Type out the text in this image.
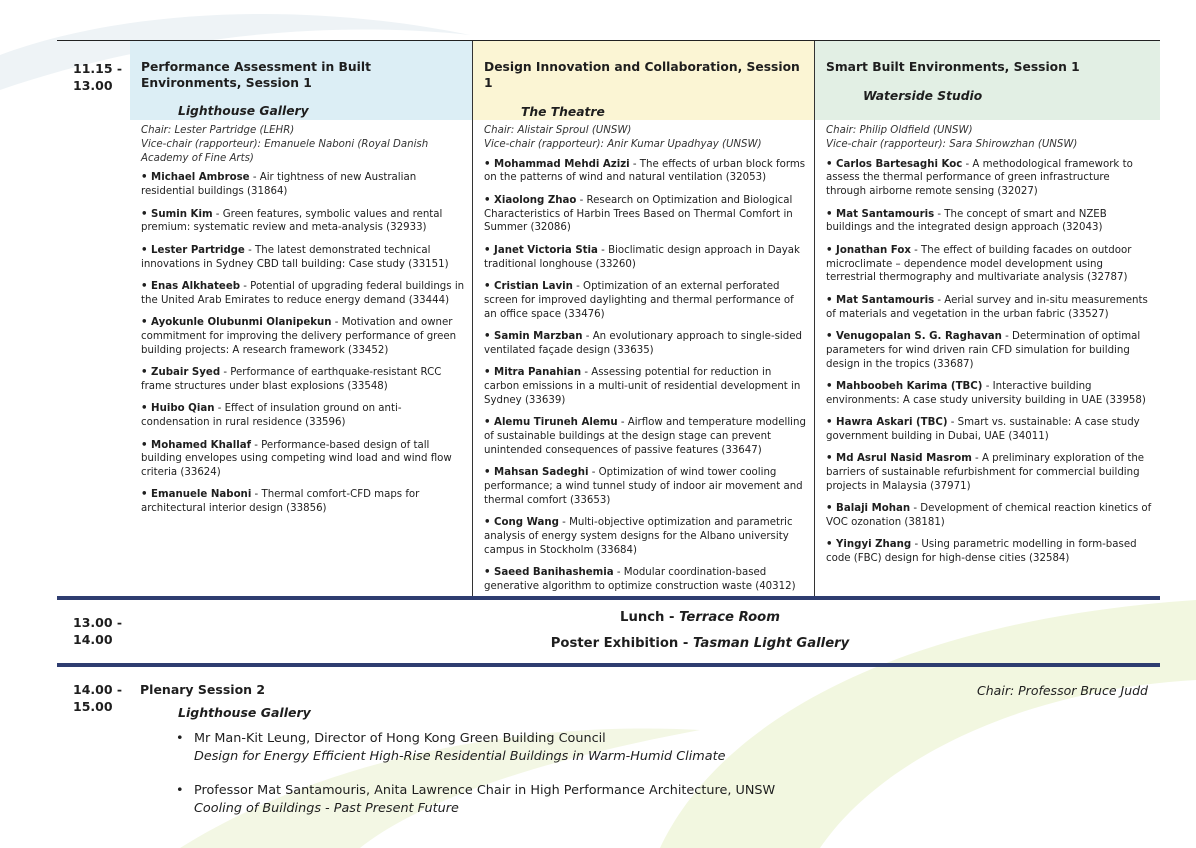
11.15 -
13.00
Performance Assessment in Built Environments, Session 1
Lighthouse Gallery
Chair: Lester Partridge (LEHR)
Vice-chair (rapporteur): Emanuele Naboni (Royal Danish Academy of Fine Arts)
• Michael Ambrose - Air tightness of new Australian residential buildings (31864)
• Sumin Kim - Green features, symbolic values and rental premium: systematic review and meta-analysis (32933)
• Lester Partridge - The latest demonstrated technical innovations in Sydney CBD tall building: Case study (33151)
• Enas Alkhateeb - Potential of upgrading federal buildings in the United Arab Emirates to reduce energy demand (33444)
• Ayokunle Olubunmi Olanipekun - Motivation and owner commitment for improving the delivery performance of green building projects: A research framework (33452)
• Zubair Syed - Performance of earthquake-resistant RCC frame structures under blast explosions (33548)
• Huibo Qian - Effect of insulation ground on anti-condensation in rural residence (33596)
• Mohamed Khallaf - Performance-based design of tall building envelopes using competing wind load and wind flow criteria (33624)
• Emanuele Naboni - Thermal comfort-CFD maps for architectural interior design (33856)
Design Innovation and Collaboration, Session 1
The Theatre
Chair: Alistair Sproul (UNSW)
Vice-chair (rapporteur): Anir Kumar Upadhyay (UNSW)
• Mohammad Mehdi Azizi - The effects of urban block forms on the patterns of wind and natural ventilation (32053)
• Xiaolong Zhao - Research on Optimization and Biological Characteristics of Harbin Trees Based on Thermal Comfort in Summer (32086)
• Janet Victoria Stia - Bioclimatic design approach in Dayak traditional longhouse (33260)
• Cristian Lavin - Optimization of an external perforated screen for improved daylighting and thermal performance of an office space (33476)
• Samin Marzban - An evolutionary approach to single-sided ventilated façade design (33635)
• Mitra Panahian - Assessing potential for reduction in carbon emissions in a multi-unit of residential development in Sydney (33639)
• Alemu Tiruneh Alemu - Airflow and temperature modelling of sustainable buildings at the design stage can prevent unintended consequences of passive features (33647)
• Mahsan Sadeghi - Optimization of wind tower cooling performance; a wind tunnel study of indoor air movement and thermal comfort (33653)
• Cong Wang - Multi-objective optimization and parametric analysis of energy system designs for the Albano university campus in Stockholm (33684)
• Saeed Banihashemia - Modular coordination-based generative algorithm to optimize construction waste (40312)
Smart Built Environments, Session 1
Waterside Studio
Chair: Philip Oldfield (UNSW)
Vice-chair (rapporteur): Sara Shirowzhan (UNSW)
• Carlos Bartesaghi Koc - A methodological framework to assess the thermal performance of green infrastructure through airborne remote sensing (32027)
• Mat Santamouris - The concept of smart and NZEB buildings and the integrated design approach (32043)
• Jonathan Fox - The effect of building facades on outdoor microclimate – dependence model development using terrestrial thermography and multivariate analysis (32787)
• Mat Santamouris - Aerial survey and in-situ measurements of materials and vegetation in the urban fabric (33527)
• Venugopalan S. G. Raghavan - Determination of optimal parameters for wind driven rain CFD simulation for building design in the tropics (33687)
• Mahboobeh Karima (TBC) - Interactive building environments: A case study university building in UAE (33958)
• Hawra Askari (TBC) - Smart vs. sustainable: A case study government building in Dubai, UAE (34011)
• Md Asrul Nasid Masrom - A preliminary exploration of the barriers of sustainable refurbishment for commercial building projects in Malaysia (37971)
• Balaji Mohan - Development of chemical reaction kinetics of VOC ozonation (38181)
• Yingyi Zhang - Using parametric modelling in form-based code (FBC) design for high-dense cities (32584)
13.00 -
14.00
Lunch - Terrace Room
Poster Exhibition - Tasman Light Gallery
14.00 -
15.00
Plenary Session 2
Lighthouse Gallery
Chair: Professor Bruce Judd
• Mr Man-Kit Leung, Director of Hong Kong Green Building Council
Design for Energy Efficient High-Rise Residential Buildings in Warm-Humid Climate
• Professor Mat Santamouris, Anita Lawrence Chair in High Performance Architecture, UNSW
Cooling of Buildings - Past Present Future
